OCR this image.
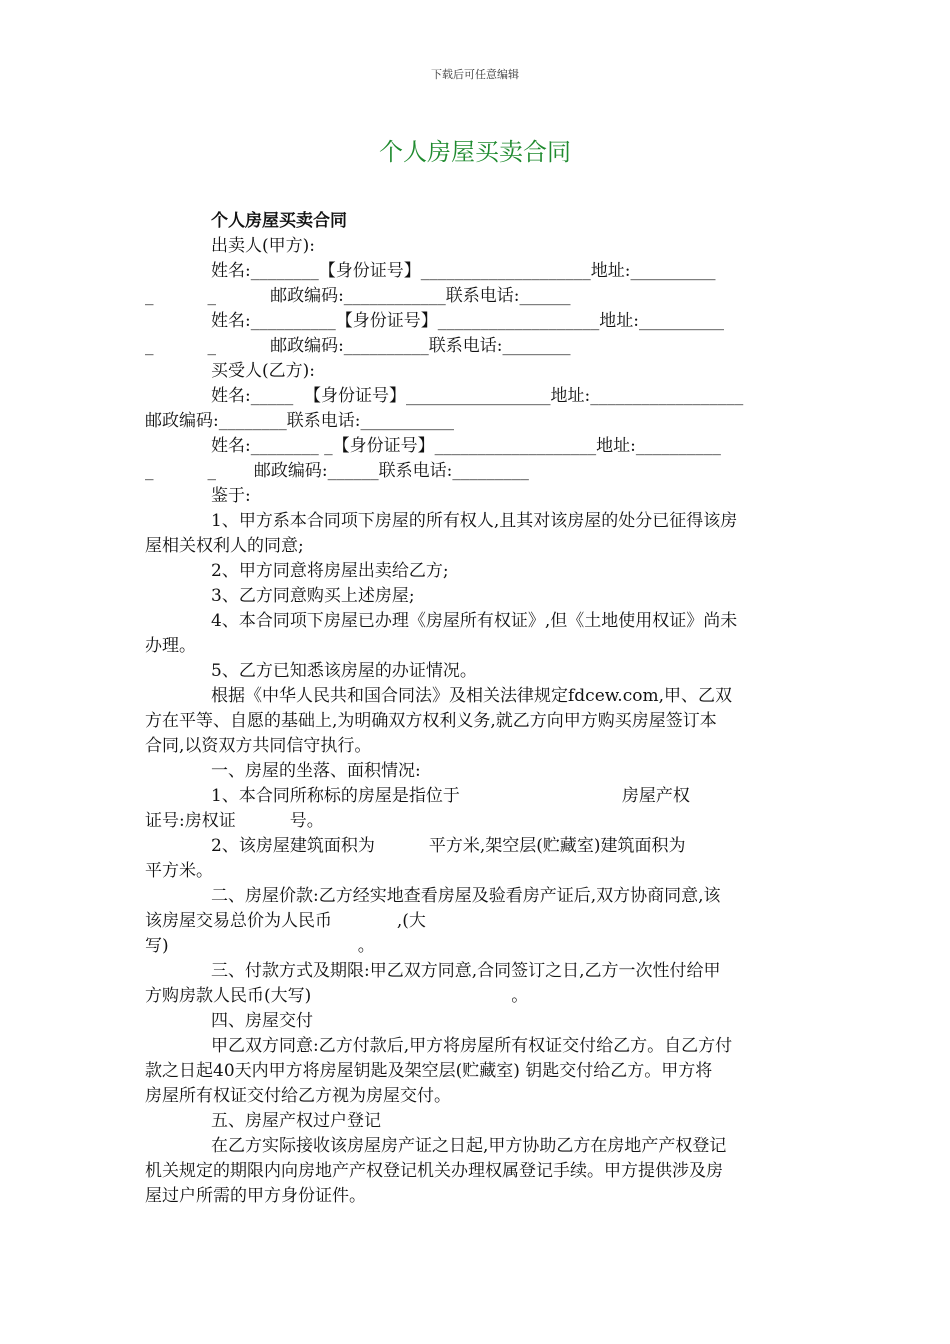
下载后可任意编辑
个人房屋买卖合同
个人房屋买卖合同
出卖人(甲方):
姓名:________【身份证号】____________________地址:__________
_          _          邮政编码:____________联系电话:______
姓名:__________【身份证号】___________________地址:__________
_          _          邮政编码:__________联系电话:________
买受人(乙方):
姓名:_____  【身份证号】_________________地址:__________________
邮政编码:________联系电话:___________
姓名:________ _【身份证号】___________________地址:__________
_          _       邮政编码:______联系电话:_________
鉴于:
1、甲方系本合同项下房屋的所有权人,且其对该房屋的处分已征得该房
屋相关权利人的同意;
2、甲方同意将房屋出卖给乙方;
3、乙方同意购买上述房屋;
4、本合同项下房屋已办理《房屋所有权证》,但《土地使用权证》尚未
办理。
5、乙方已知悉该房屋的办证情况。
根据《中华人民共和国合同法》及相关法律规定fdcew.com,甲、乙双
方在平等、自愿的基础上,为明确双方权利义务,就乙方向甲方购买房屋签订本
合同,以资双方共同信守执行。
一、房屋的坐落、面积情况:
1、本合同所称标的房屋是指位于                              房屋产权
证号:房权证          号。
2、该房屋建筑面积为          平方米,架空层(贮藏室)建筑面积为
平方米。
二、房屋价款:乙方经实地查看房屋及验看房产证后,双方协商同意,该
该房屋交易总价为人民币            ,(大
写)                                   。
三、付款方式及期限:甲乙双方同意,合同签订之日,乙方一次性付给甲
方购房款人民币(大写)                                     。
四、房屋交付
甲乙双方同意:乙方付款后,甲方将房屋所有权证交付给乙方。自乙方付
款之日起40天内甲方将房屋钥匙及架空层(贮藏室) 钥匙交付给乙方。甲方将
房屋所有权证交付给乙方视为房屋交付。
五、房屋产权过户登记
在乙方实际接收该房屋房产证之日起,甲方协助乙方在房地产产权登记
机关规定的期限内向房地产产权登记机关办理权属登记手续。甲方提供涉及房
屋过户所需的甲方身份证件。
